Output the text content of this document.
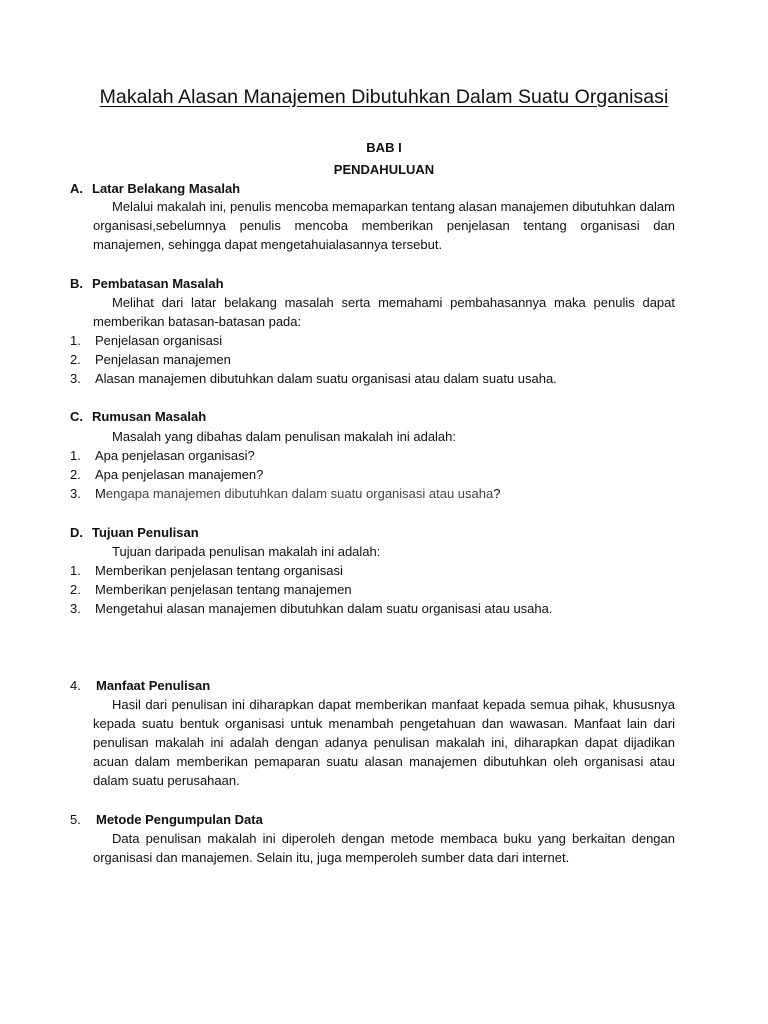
Makalah Alasan Manajemen Dibutuhkan Dalam Suatu Organisasi
BAB I
PENDAHULUAN
A. Latar Belakang Masalah

Melalui makalah ini, penulis mencoba memaparkan tentang alasan manajemen dibutuhkan dalam organisasi,sebelumnya penulis mencoba memberikan penjelasan tentang organisasi dan manajemen, sehingga dapat mengetahuialasannya tersebut.

B. Pembatasan Masalah

Melihat dari latar belakang masalah serta memahami pembahasannya maka penulis dapat memberikan batasan-batasan pada:

1. Penjelasan organisasi
2. Penjelasan manajemen
3. Alasan manajemen dibutuhkan dalam suatu organisasi atau dalam suatu usaha.
C. Rumusan Masalah

Masalah yang dibahas dalam penulisan makalah ini adalah:

1. Apa penjelasan organisasi?
2. Apa penjelasan manajemen?
3. Mengapa manajemen dibutuhkan dalam suatu organisasi atau usaha?
D. Tujuan Penulisan

Tujuan daripada penulisan makalah ini adalah:

1. Memberikan penjelasan tentang organisasi
2. Memberikan penjelasan tentang manajemen
3. Mengetahui alasan manajemen dibutuhkan dalam suatu organisasi atau usaha.
4. Manfaat Penulisan

Hasil dari penulisan ini diharapkan dapat memberikan manfaat kepada semua pihak, khususnya kepada suatu bentuk organisasi untuk menambah pengetahuan dan wawasan. Manfaat lain dari penulisan makalah ini adalah dengan adanya penulisan makalah ini, diharapkan dapat dijadikan acuan dalam memberikan pemaparan suatu alasan manajemen dibutuhkan oleh organisasi atau dalam suatu perusahaan.

5. Metode Pengumpulan Data

Data penulisan makalah ini diperoleh dengan metode membaca buku yang berkaitan dengan organisasi dan manajemen. Selain itu, juga memperoleh sumber data dari internet.
